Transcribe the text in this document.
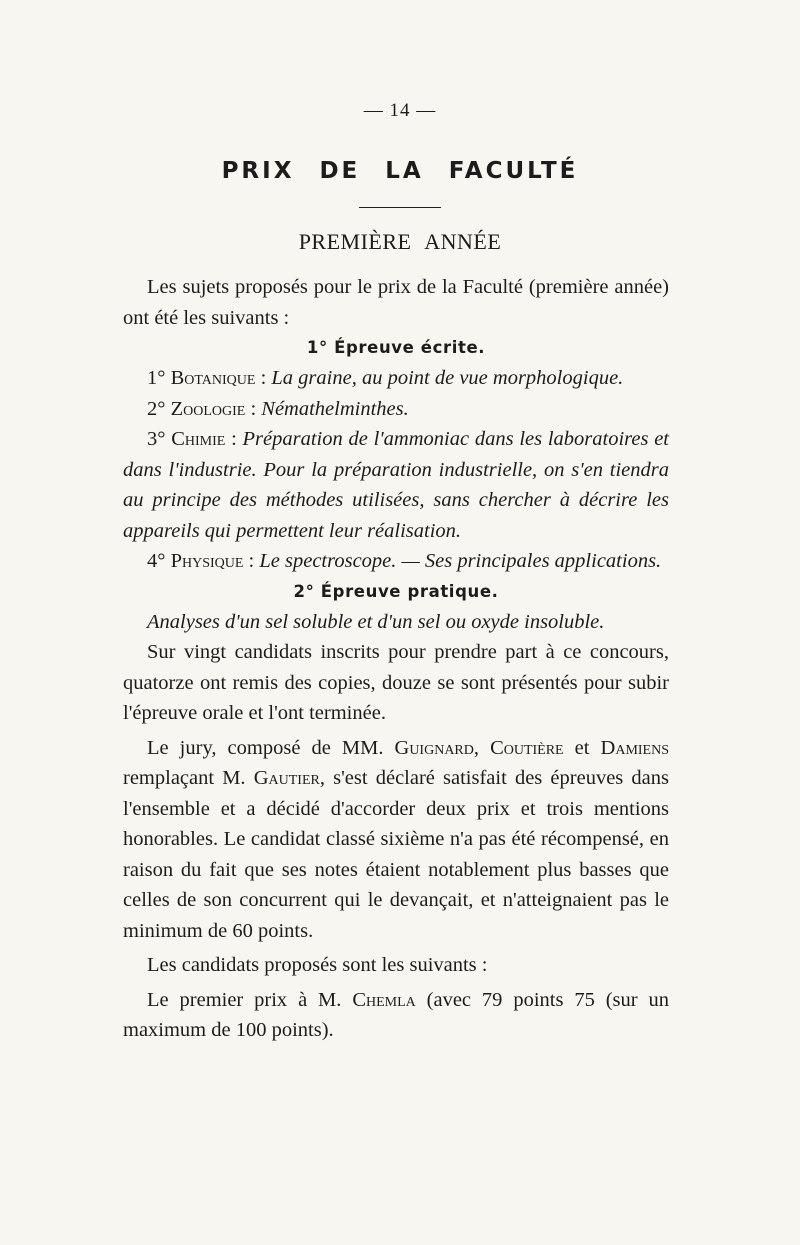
— 14 —
PRIX DE LA FACULTÉ
PREMIÈRE ANNÉE

Les sujets proposés pour le prix de la Faculté (première année) ont été les suivants :

1° Épreuve écrite.

1° Botanique : La graine, au point de vue morphologique.

2° Zoologie : Némathelminthes.

3° Chimie : Préparation de l'ammoniac dans les laboratoires et dans l'industrie. Pour la préparation industrielle, on s'en tiendra au principe des méthodes utilisées, sans chercher à décrire les appareils qui permettent leur réalisation.

4° Physique : Le spectroscope. — Ses principales applications.

2° Épreuve pratique.

Analyses d'un sel soluble et d'un sel ou oxyde insoluble.

Sur vingt candidats inscrits pour prendre part à ce concours, quatorze ont remis des copies, douze se sont présentés pour subir l'épreuve orale et l'ont terminée.

Le jury, composé de MM. Guignard, Coutière et Damiens remplaçant M. Gautier, s'est déclaré satisfait des épreuves dans l'ensemble et a décidé d'accorder deux prix et trois mentions honorables. Le candidat classé sixième n'a pas été récompensé, en raison du fait que ses notes étaient notablement plus basses que celles de son concurrent qui le devançait, et n'atteignaient pas le minimum de 60 points.

Les candidats proposés sont les suivants :

Le premier prix à M. Chemla (avec 79 points 75 (sur un maximum de 100 points).
